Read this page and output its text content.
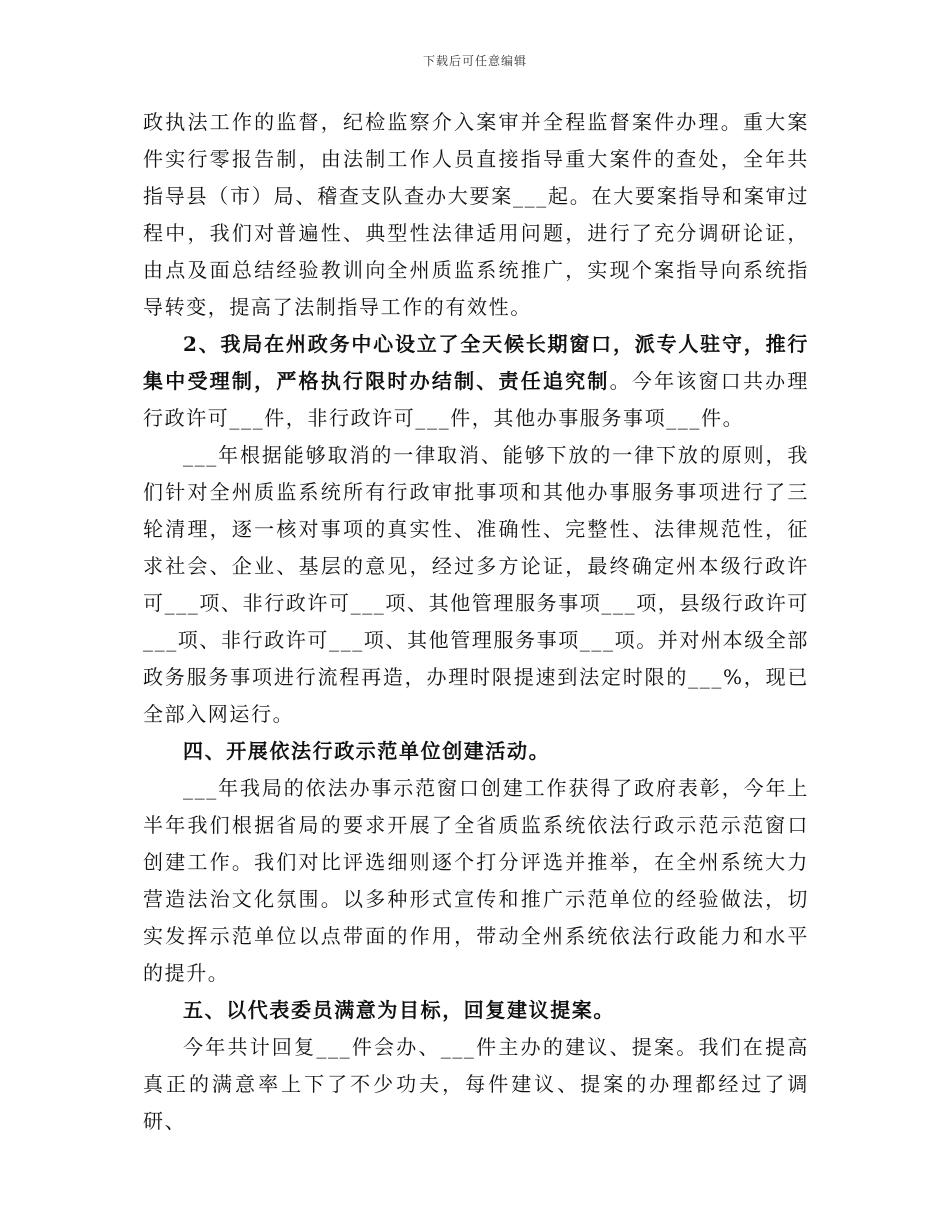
下载后可任意编辑

政执法工作的监督，纪检监察介入案审并全程监督案件办理。重大案件实行零报告制，由法制工作人员直接指导重大案件的查处，全年共指导县（市）局、稽查支队查办大要案___起。在大要案指导和案审过程中，我们对普遍性、典型性法律适用问题，进行了充分调研论证，由点及面总结经验教训向全州质监系统推广，实现个案指导向系统指导转变，提高了法制指导工作的有效性。

2、我局在州政务中心设立了全天候长期窗口，派专人驻守，推行集中受理制，严格执行限时办结制、责任追究制。今年该窗口共办理行政许可___件，非行政许可___件，其他办事服务事项___件。

___年根据能够取消的一律取消、能够下放的一律下放的原则，我们针对全州质监系统所有行政审批事项和其他办事服务事项进行了三轮清理，逐一核对事项的真实性、准确性、完整性、法律规范性，征求社会、企业、基层的意见，经过多方论证，最终确定州本级行政许可___项、非行政许可___项、其他管理服务事项___项，县级行政许可___项、非行政许可___项、其他管理服务事项___项。并对州本级全部政务服务事项进行流程再造，办理时限提速到法定时限的___%，现已全部入网运行。

四、开展依法行政示范单位创建活动。

___年我局的依法办事示范窗口创建工作获得了政府表彰，今年上半年我们根据省局的要求开展了全省质监系统依法行政示范示范窗口创建工作。我们对比评选细则逐个打分评选并推举，在全州系统大力营造法治文化氛围。以多种形式宣传和推广示范单位的经验做法，切实发挥示范单位以点带面的作用，带动全州系统依法行政能力和水平的提升。

五、以代表委员满意为目标，回复建议提案。

今年共计回复___件会办、___件主办的建议、提案。我们在提高真正的满意率上下了不少功夫，每件建议、提案的办理都经过了调研、
